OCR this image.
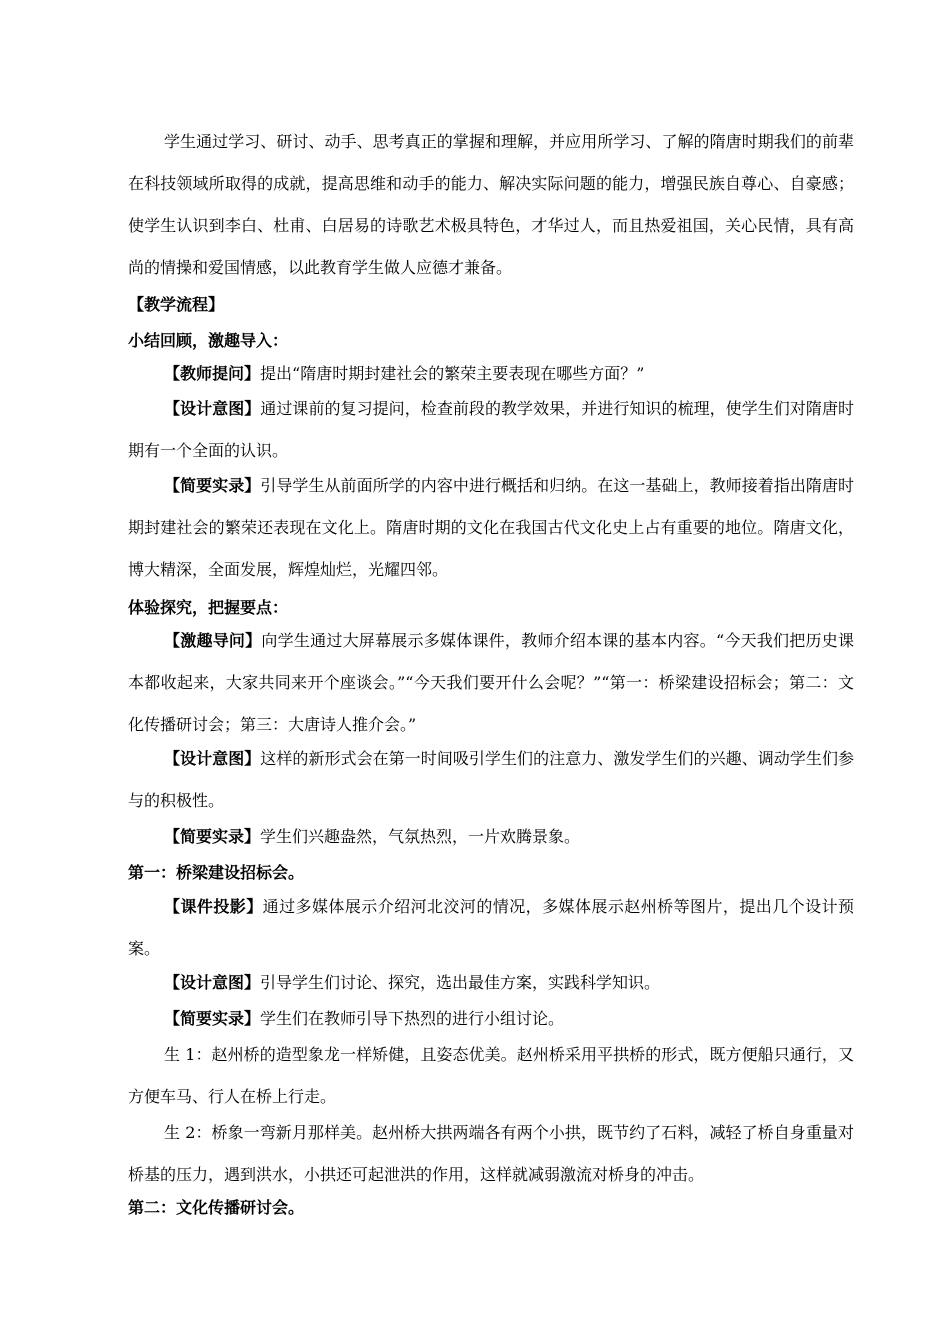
学生通过学习、研讨、动手、思考真正的掌握和理解，并应用所学习、了解的隋唐时期我们的前辈在科技领域所取得的成就，提高思维和动手的能力、解决实际问题的能力，增强民族自尊心、自豪感；使学生认识到李白、杜甫、白居易的诗歌艺术极具特色，才华过人，而且热爱祖国，关心民情，具有高尚的情操和爱国情感，以此教育学生做人应德才兼备。

【教学流程】

小结回顾，激趣导入：

【教师提问】提出“隋唐时期封建社会的繁荣主要表现在哪些方面？”

【设计意图】通过课前的复习提问，检查前段的教学效果，并进行知识的梳理，使学生们对隋唐时期有一个全面的认识。

【简要实录】引导学生从前面所学的内容中进行概括和归纳。在这一基础上，教师接着指出隋唐时期封建社会的繁荣还表现在文化上。隋唐时期的文化在我国古代文化史上占有重要的地位。隋唐文化，博大精深，全面发展，辉煌灿烂，光耀四邻。

体验探究，把握要点：

【激趣导问】向学生通过大屏幕展示多媒体课件，教师介绍本课的基本内容。“今天我们把历史课本都收起来，大家共同来开个座谈会。”“今天我们要开什么会呢？”“第一：桥梁建设招标会；第二：文化传播研讨会；第三：大唐诗人推介会。”

【设计意图】这样的新形式会在第一时间吸引学生们的注意力、激发学生们的兴趣、调动学生们参与的积极性。

【简要实录】学生们兴趣盎然，气氛热烈，一片欢腾景象。

第一：桥梁建设招标会。

【课件投影】通过多媒体展示介绍河北洨河的情况，多媒体展示赵州桥等图片，提出几个设计预案。

【设计意图】引导学生们讨论、探究，选出最佳方案，实践科学知识。

【简要实录】学生们在教师引导下热烈的进行小组讨论。

生 1：赵州桥的造型象龙一样矫健，且姿态优美。赵州桥采用平拱桥的形式，既方便船只通行，又方便车马、行人在桥上行走。

生 2：桥象一弯新月那样美。赵州桥大拱两端各有两个小拱，既节约了石料，减轻了桥自身重量对桥基的压力，遇到洪水，小拱还可起泄洪的作用，这样就减弱激流对桥身的冲击。

第二：文化传播研讨会。
